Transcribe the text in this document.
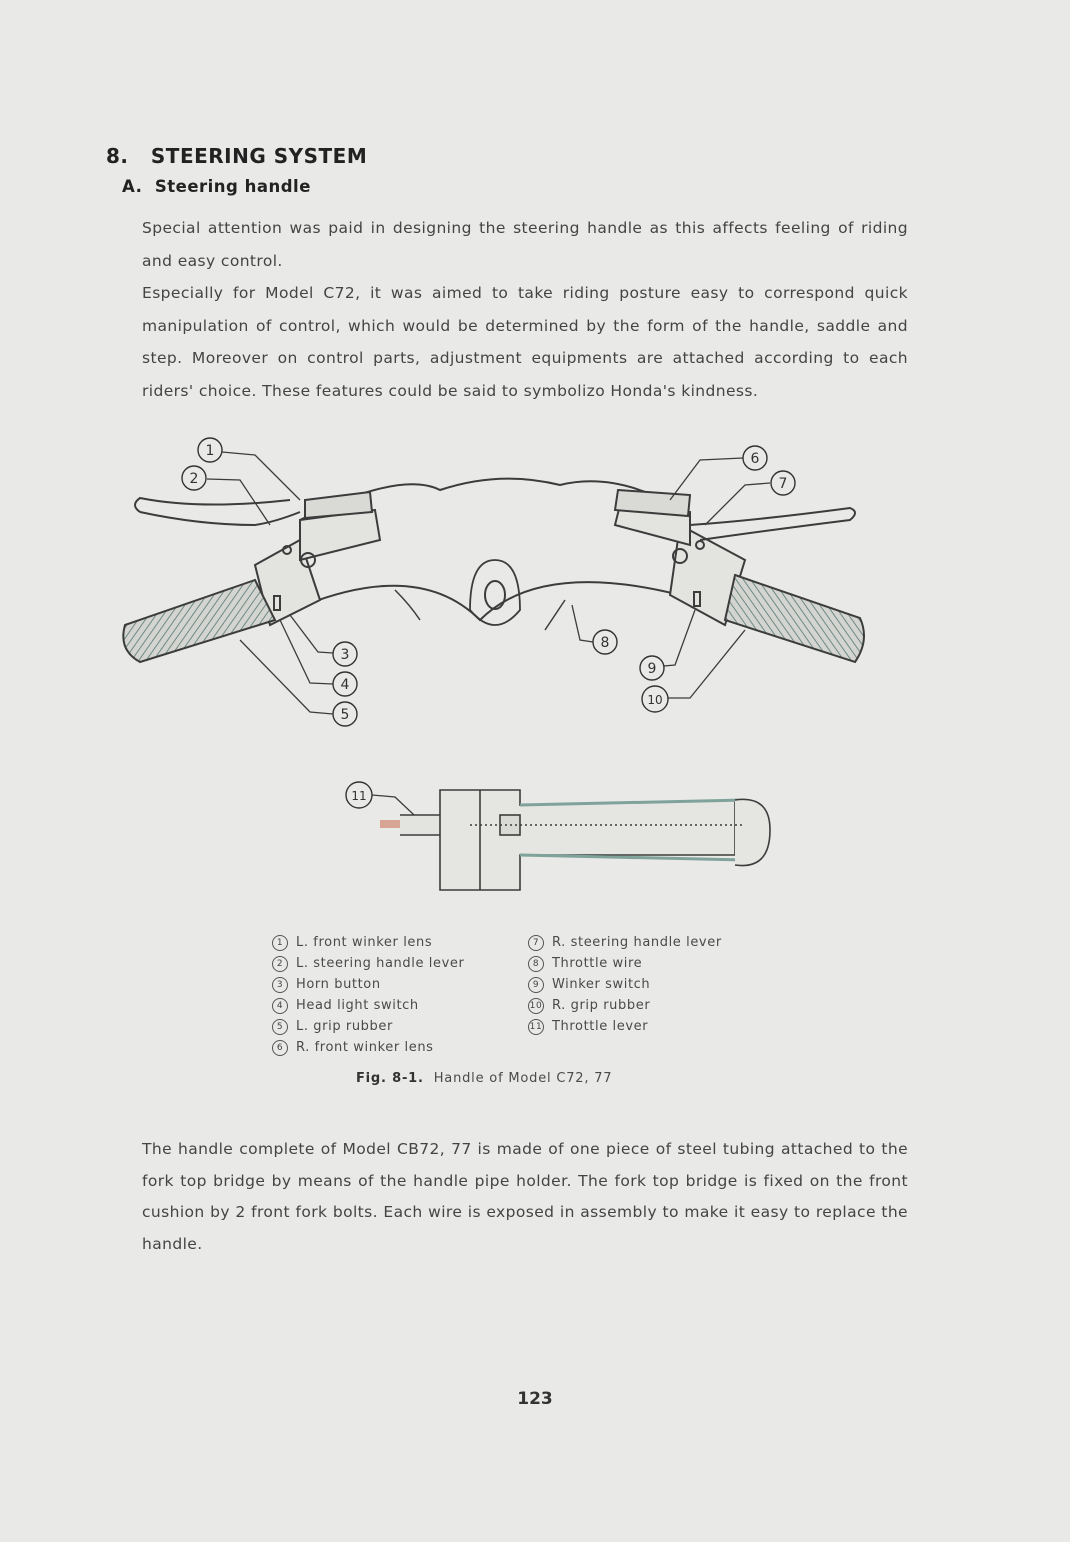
8. STEERING SYSTEM
A. Steering handle

Special attention was paid in designing the steering handle as this affects feeling of riding and easy control.

Especially for Model C72, it was aimed to take riding posture easy to correspond quick manipulation of control, which would be determined by the form of the handle, saddle and step. Moreover on control parts, adjustment equipments are attached according to each riders' choice. These features could be said to symbolizo Honda's kindness.

1
2
3
4
5
6
7
8
9
10
11
1 L. front winker lens
2 L. steering handle lever
3 Horn button
4 Head light switch
5 L. grip rubber
6 R. front winker lens
7 R. steering handle lever
8 Throttle wire
9 Winker switch
10 R. grip rubber
11 Throttle lever
Fig. 8-1. Handle of Model C72, 77

The handle complete of Model CB72, 77 is made of one piece of steel tubing attached to the fork top bridge by means of the handle pipe holder. The fork top bridge is fixed on the front cushion by 2 front fork bolts. Each wire is exposed in assembly to make it easy to replace the handle.

123
